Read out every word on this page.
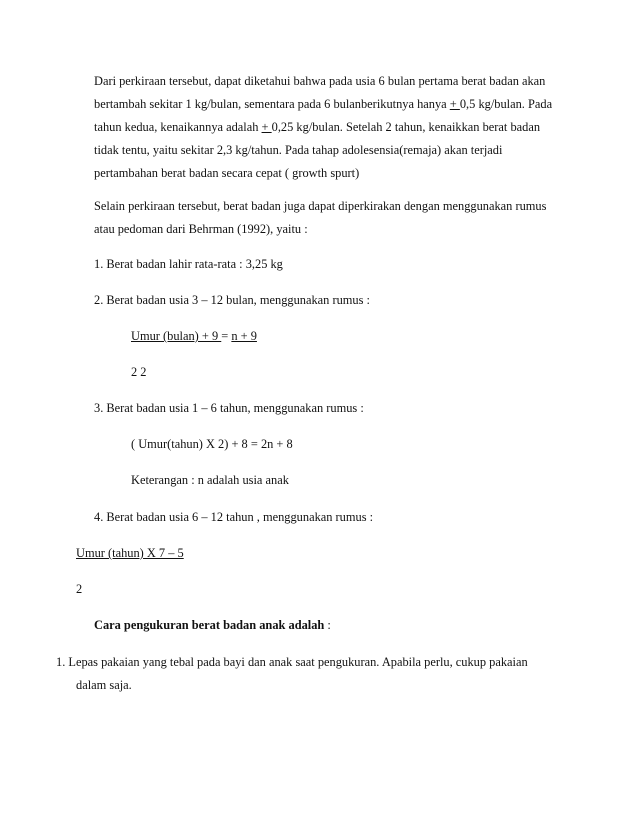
Dari perkiraan tersebut, dapat diketahui bahwa pada usia 6 bulan pertama berat badan akan
bertambah sekitar 1 kg/bulan, sementara pada 6 bulanberikutnya hanya + 0,5 kg/bulan. Pada
tahun kedua, kenaikannya adalah + 0,25 kg/bulan. Setelah 2 tahun, kenaikkan berat badan
tidak tentu, yaitu sekitar 2,3 kg/tahun. Pada tahap adolesensia(remaja) akan terjadi
pertambahan berat badan secara cepat ( growth spurt)
Selain perkiraan tersebut, berat badan juga dapat diperkirakan dengan menggunakan rumus
atau pedoman dari Behrman (1992), yaitu :
1. Berat badan lahir rata-rata : 3,25 kg
2. Berat badan usia 3 – 12 bulan, menggunakan rumus :
Umur (bulan) + 9 = n + 9
2 2
3. Berat badan usia 1 – 6 tahun, menggunakan rumus :
( Umur(tahun) X 2) + 8 = 2n + 8
Keterangan : n adalah usia anak
4. Berat badan usia 6 – 12 tahun , menggunakan rumus :
Umur (tahun) X 7 – 5
2
Cara pengukuran berat badan anak adalah :
1. Lepas pakaian yang tebal pada bayi dan anak saat pengukuran. Apabila perlu, cukup pakaian
dalam saja.
